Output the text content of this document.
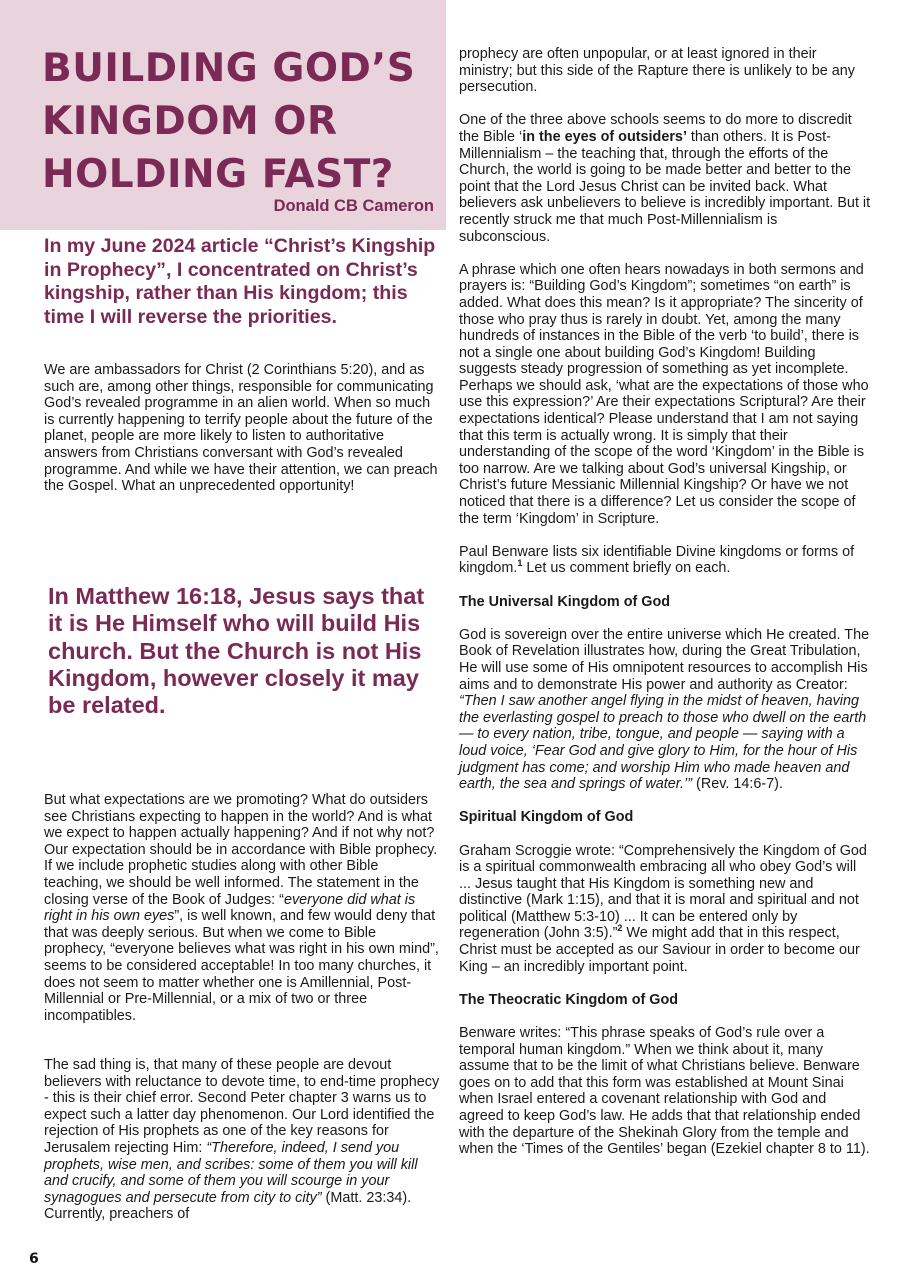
BUILDING GOD’S
KINGDOM OR
HOLDING FAST?
Donald CB Cameron

In my June 2024 article “Christ’s Kingship in Prophecy”, I concentrated on Christ’s kingship, rather than His kingdom; this time I will reverse the priorities.

We are ambassadors for Christ (2 Corinthians 5:20), and as such are, among other things, responsible for communicating God’s revealed programme in an alien world. When so much is currently happening to terrify people about the future of the planet, people are more likely to listen to authoritative answers from Christians conversant with God’s revealed programme. And while we have their attention, we can preach the Gospel. What an unprecedented opportunity!

In Matthew 16:18, Jesus says that it is He Himself who will build His church. But the Church is not His Kingdom, however closely it may be related.

But what expectations are we promoting? What do outsiders see Christians expecting to happen in the world? And is what we expect to happen actually happening? And if not why not? Our expectation should be in accordance with Bible prophecy. If we include prophetic studies along with other Bible teaching, we should be well informed. The statement in the closing verse of the Book of Judges: “everyone did what is right in his own eyes”, is well known, and few would deny that that was deeply serious. But when we come to Bible prophecy, “everyone believes what was right in his own mind”, seems to be considered acceptable! In too many churches, it does not seem to matter whether one is Amillennial, Post-Millennial or Pre-Millennial, or a mix of two or three incompatibles.

The sad thing is, that many of these people are devout believers with reluctance to devote time, to end-time prophecy - this is their chief error. Second Peter chapter 3 warns us to expect such a latter day phenomenon. Our Lord identified the rejection of His prophets as one of the key reasons for Jerusalem rejecting Him: “Therefore, indeed, I send you prophets, wise men, and scribes: some of them you will kill and crucify, and some of them you will scourge in your synagogues and persecute from city to city” (Matt. 23:34). Currently, preachers of

prophecy are often unpopular, or at least ignored in their ministry; but this side of the Rapture there is unlikely to be any persecution.

One of the three above schools seems to do more to discredit the Bible ‘in the eyes of outsiders’ than others. It is Post-Millennialism – the teaching that, through the efforts of the Church, the world is going to be made better and better to the point that the Lord Jesus Christ can be invited back. What believers ask unbelievers to believe is incredibly important. But it recently struck me that much Post-Millennialism is subconscious.

A phrase which one often hears nowadays in both sermons and prayers is: “Building God’s Kingdom”; sometimes “on earth” is added. What does this mean? Is it appropriate? The sincerity of those who pray thus is rarely in doubt. Yet, among the many hundreds of instances in the Bible of the verb ‘to build’, there is not a single one about building God’s Kingdom! Building suggests steady progression of something as yet incomplete. Perhaps we should ask, ‘what are the expectations of those who use this expression?’ Are their expectations Scriptural? Are their expectations identical? Please understand that I am not saying that this term is actually wrong. It is simply that their understanding of the scope of the word ‘Kingdom’ in the Bible is too narrow. Are we talking about God’s universal Kingship, or Christ’s future Messianic Millennial Kingship? Or have we not noticed that there is a difference? Let us consider the scope of the term ‘Kingdom’ in Scripture.

Paul Benware lists six identifiable Divine kingdoms or forms of kingdom.$^1$ Let us comment briefly on each.

The Universal Kingdom of God

God is sovereign over the entire universe which He created. The Book of Revelation illustrates how, during the Great Tribulation, He will use some of His omnipotent resources to accomplish His aims and to demonstrate His power and authority as Creator: “Then I saw another angel flying in the midst of heaven, having the everlasting gospel to preach to those who dwell on the earth — to every nation, tribe, tongue, and people — saying with a loud voice, ‘Fear God and give glory to Him, for the hour of His judgment has come; and worship Him who made heaven and earth, the sea and springs of water.’” (Rev. 14:6-7).

Spiritual Kingdom of God

Graham Scroggie wrote: “Comprehensively the Kingdom of God is a spiritual commonwealth embracing all who obey God’s will ... Jesus taught that His Kingdom is something new and distinctive (Mark 1:15), and that it is moral and spiritual and not political (Matthew 5:3-10) ... It can be entered only by regeneration (John 3:5).”$^2$ We might add that in this respect, Christ must be accepted as our Saviour in order to become our King – an incredibly important point.

The Theocratic Kingdom of God

Benware writes: “This phrase speaks of God’s rule over a temporal human kingdom.” When we think about it, many assume that to be the limit of what Christians believe. Benware goes on to add that this form was established at Mount Sinai when Israel entered a covenant relationship with God and agreed to keep God’s law. He adds that that relationship ended with the departure of the Shekinah Glory from the temple and when the ‘Times of the Gentiles’ began (Ezekiel chapter 8 to 11).

6
